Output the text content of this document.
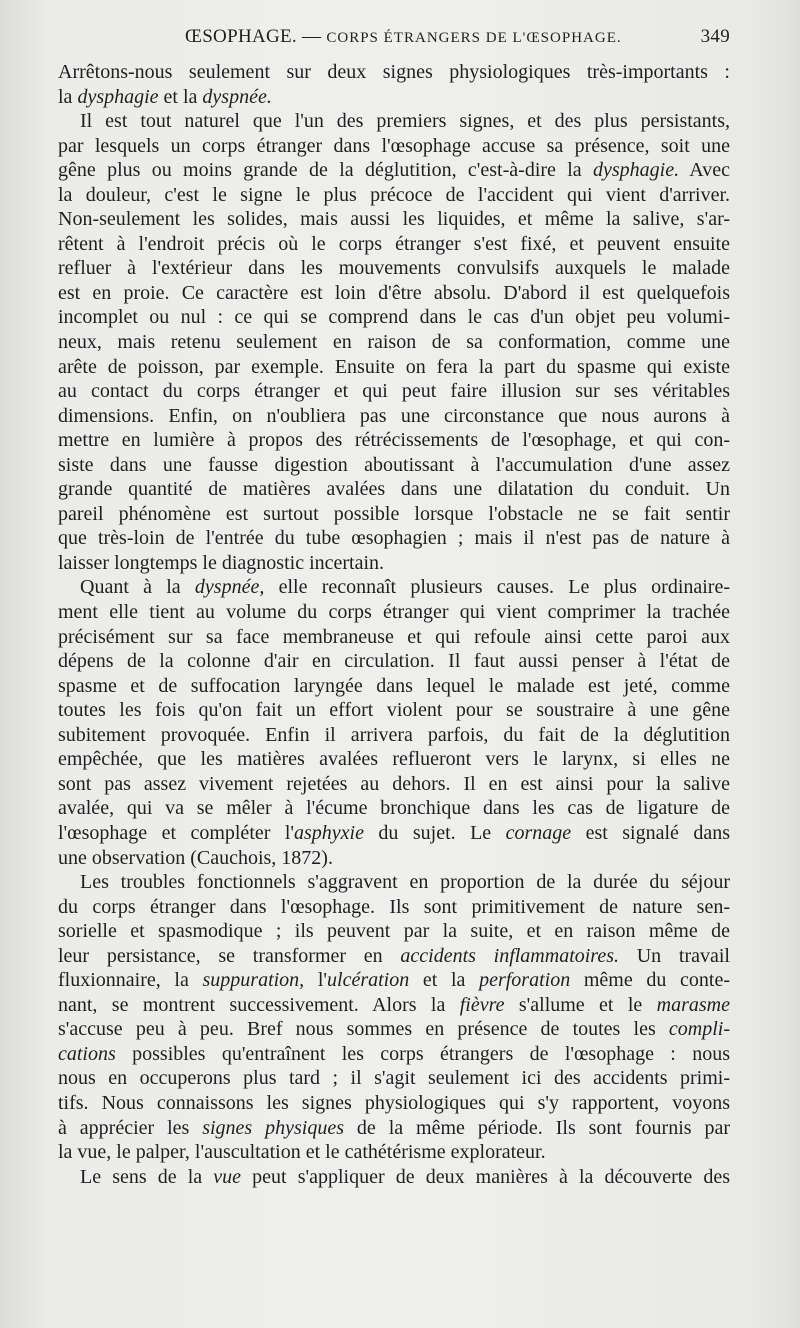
ŒSOPHAGE. — CORPS ÉTRANGERS DE L'ŒSOPHAGE.	349
Arrêtons-nous seulement sur deux signes physiologiques très-importants :
la dysphagie et la dyspnée.
Il est tout naturel que l'un des premiers signes, et des plus persistants,
par lesquels un corps étranger dans l'œsophage accuse sa présence, soit une
gêne plus ou moins grande de la déglutition, c'est-à-dire la dysphagie. Avec
la douleur, c'est le signe le plus précoce de l'accident qui vient d'arriver.
Non-seulement les solides, mais aussi les liquides, et même la salive, s'ar-
rêtent à l'endroit précis où le corps étranger s'est fixé, et peuvent ensuite
refluer à l'extérieur dans les mouvements convulsifs auxquels le malade
est en proie. Ce caractère est loin d'être absolu. D'abord il est quelquefois
incomplet ou nul : ce qui se comprend dans le cas d'un objet peu volumi-
neux, mais retenu seulement en raison de sa conformation, comme une
arête de poisson, par exemple. Ensuite on fera la part du spasme qui existe
au contact du corps étranger et qui peut faire illusion sur ses véritables
dimensions. Enfin, on n'oubliera pas une circonstance que nous aurons à
mettre en lumière à propos des rétrécissements de l'œsophage, et qui con-
siste dans une fausse digestion aboutissant à l'accumulation d'une assez
grande quantité de matières avalées dans une dilatation du conduit. Un
pareil phénomène est surtout possible lorsque l'obstacle ne se fait sentir
que très-loin de l'entrée du tube œsophagien ; mais il n'est pas de nature à
laisser longtemps le diagnostic incertain.
Quant à la dyspnée, elle reconnaît plusieurs causes. Le plus ordinaire-
ment elle tient au volume du corps étranger qui vient comprimer la trachée
précisément sur sa face membraneuse et qui refoule ainsi cette paroi aux
dépens de la colonne d'air en circulation. Il faut aussi penser à l'état de
spasme et de suffocation laryngée dans lequel le malade est jeté, comme
toutes les fois qu'on fait un effort violent pour se soustraire à une gêne
subitement provoquée. Enfin il arrivera parfois, du fait de la déglutition
empêchée, que les matières avalées reflueront vers le larynx, si elles ne
sont pas assez vivement rejetées au dehors. Il en est ainsi pour la salive
avalée, qui va se mêler à l'écume bronchique dans les cas de ligature de
l'œsophage et compléter l'asphyxie du sujet. Le cornage est signalé dans
une observation (Cauchois, 1872).
Les troubles fonctionnels s'aggravent en proportion de la durée du séjour
du corps étranger dans l'œsophage. Ils sont primitivement de nature sen-
sorielle et spasmodique ; ils peuvent par la suite, et en raison même de
leur persistance, se transformer en accidents inflammatoires. Un travail
fluxionnaire, la suppuration, l'ulcération et la perforation même du conte-
nant, se montrent successivement. Alors la fièvre s'allume et le marasme
s'accuse peu à peu. Bref nous sommes en présence de toutes les compli-
cations possibles qu'entraînent les corps étrangers de l'œsophage : nous
nous en occuperons plus tard ; il s'agit seulement ici des accidents primi-
tifs. Nous connaissons les signes physiologiques qui s'y rapportent, voyons
à apprécier les signes physiques de la même période. Ils sont fournis par
la vue, le palper, l'auscultation et le cathétérisme explorateur.
Le sens de la vue peut s'appliquer de deux manières à la découverte des
